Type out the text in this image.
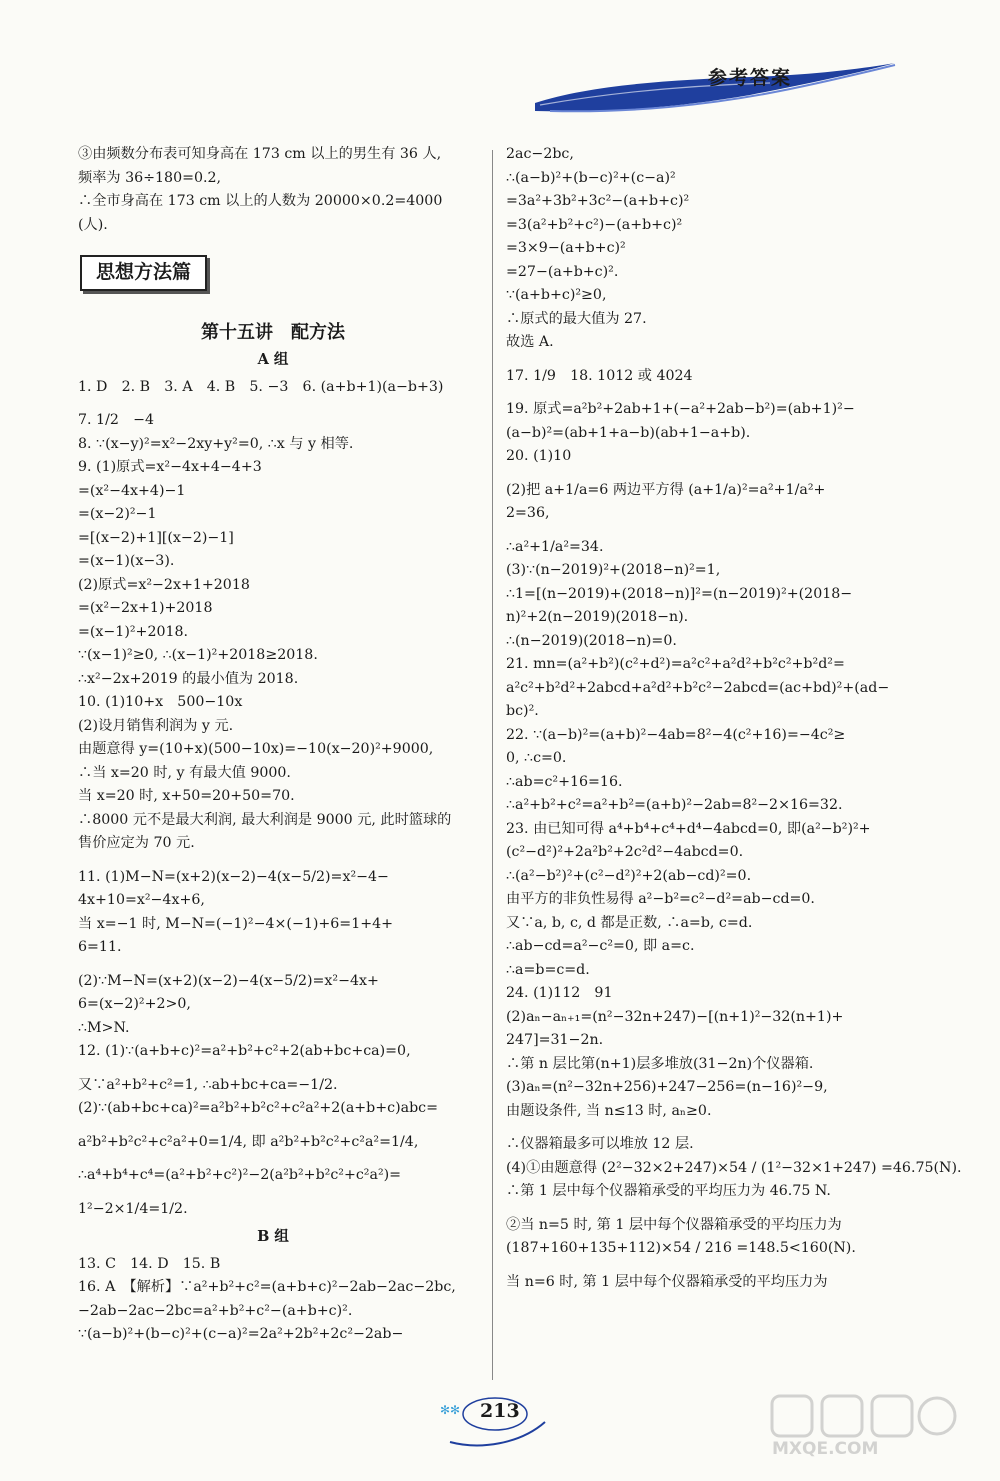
参考答案
③由频数分布表可知身高在 173 cm 以上的男生有 36 人,
频率为 36÷180=0.2,
∴全市身高在 173 cm 以上的人数为 20000×0.2=4000
(人).
思想方法篇
第十五讲　配方法
A 组
1. D　2. B　3. A　4. B　5. −3　6. (a+b+1)(a−b+3)
7. 1/2　−4
8. ∵(x−y)²=x²−2xy+y²=0, ∴x 与 y 相等.
9. (1)原式=x²−4x+4−4+3
=(x²−4x+4)−1
=(x−2)²−1
=[(x−2)+1][(x−2)−1]
=(x−1)(x−3).
(2)原式=x²−2x+1+2018
=(x²−2x+1)+2018
=(x−1)²+2018.
∵(x−1)²≥0, ∴(x−1)²+2018≥2018.
∴x²−2x+2019 的最小值为 2018.
10. (1)10+x　500−10x
(2)设月销售利润为 y 元.
由题意得 y=(10+x)(500−10x)=−10(x−20)²+9000,
∴当 x=20 时, y 有最大值 9000.
当 x=20 时, x+50=20+50=70.
∴8000 元不是最大利润, 最大利润是 9000 元, 此时篮球的
售价应定为 70 元.
11. (1)M−N=(x+2)(x−2)−4(x−5/2)=x²−4−
4x+10=x²−4x+6,
当 x=−1 时, M−N=(−1)²−4×(−1)+6=1+4+
6=11.
(2)∵M−N=(x+2)(x−2)−4(x−5/2)=x²−4x+
6=(x−2)²+2>0,
∴M>N.
12. (1)∵(a+b+c)²=a²+b²+c²+2(ab+bc+ca)=0,
又∵a²+b²+c²=1, ∴ab+bc+ca=−1/2.
(2)∵(ab+bc+ca)²=a²b²+b²c²+c²a²+2(a+b+c)abc=
a²b²+b²c²+c²a²+0=1/4, 即 a²b²+b²c²+c²a²=1/4,
∴a⁴+b⁴+c⁴=(a²+b²+c²)²−2(a²b²+b²c²+c²a²)=
1²−2×1/4=1/2.
B 组
13. C　14. D　15. B
16. A　【解析】∵a²+b²+c²=(a+b+c)²−2ab−2ac−2bc,
−2ab−2ac−2bc=a²+b²+c²−(a+b+c)².
∵(a−b)²+(b−c)²+(c−a)²=2a²+2b²+2c²−2ab−
2ac−2bc,
∴(a−b)²+(b−c)²+(c−a)²
=3a²+3b²+3c²−(a+b+c)²
=3(a²+b²+c²)−(a+b+c)²
=3×9−(a+b+c)²
=27−(a+b+c)².
∵(a+b+c)²≥0,
∴原式的最大值为 27.
故选 A.
17. 1/9　18. 1012 或 4024
19. 原式=a²b²+2ab+1+(−a²+2ab−b²)=(ab+1)²−
(a−b)²=(ab+1+a−b)(ab+1−a+b).
20. (1)10
(2)把 a+1/a=6 两边平方得 (a+1/a)²=a²+1/a²+
2=36,
∴a²+1/a²=34.
(3)∵(n−2019)²+(2018−n)²=1,
∴1=[(n−2019)+(2018−n)]²=(n−2019)²+(2018−
n)²+2(n−2019)(2018−n).
∴(n−2019)(2018−n)=0.
21. mn=(a²+b²)(c²+d²)=a²c²+a²d²+b²c²+b²d²=
a²c²+b²d²+2abcd+a²d²+b²c²−2abcd=(ac+bd)²+(ad−
bc)².
22. ∵(a−b)²=(a+b)²−4ab=8²−4(c²+16)=−4c²≥
0, ∴c=0.
∴ab=c²+16=16.
∴a²+b²+c²=a²+b²=(a+b)²−2ab=8²−2×16=32.
23. 由已知可得 a⁴+b⁴+c⁴+d⁴−4abcd=0, 即(a²−b²)²+
(c²−d²)²+2a²b²+2c²d²−4abcd=0.
∴(a²−b²)²+(c²−d²)²+2(ab−cd)²=0.
由平方的非负性易得 a²−b²=c²−d²=ab−cd=0.
又∵a, b, c, d 都是正数, ∴a=b, c=d.
∴ab−cd=a²−c²=0, 即 a=c.
∴a=b=c=d.
24. (1)112　91
(2)aₙ−aₙ₊₁=(n²−32n+247)−[(n+1)²−32(n+1)+
247]=31−2n.
∴第 n 层比第(n+1)层多堆放(31−2n)个仪器箱.
(3)aₙ=(n²−32n+256)+247−256=(n−16)²−9,
由题设条件, 当 n≤13 时, aₙ≥0.
∴仪器箱最多可以堆放 12 层.
(4)①由题意得 (2²−32×2+247)×54 / (1²−32×1+247) =46.75(N).
∴第 1 层中每个仪器箱承受的平均压力为 46.75 N.
②当 n=5 时, 第 1 层中每个仪器箱承受的平均压力为
(187+160+135+112)×54 / 216 =148.5<160(N).
当 n=6 时, 第 1 层中每个仪器箱承受的平均压力为
✻✻ 213
MXQE.COM
